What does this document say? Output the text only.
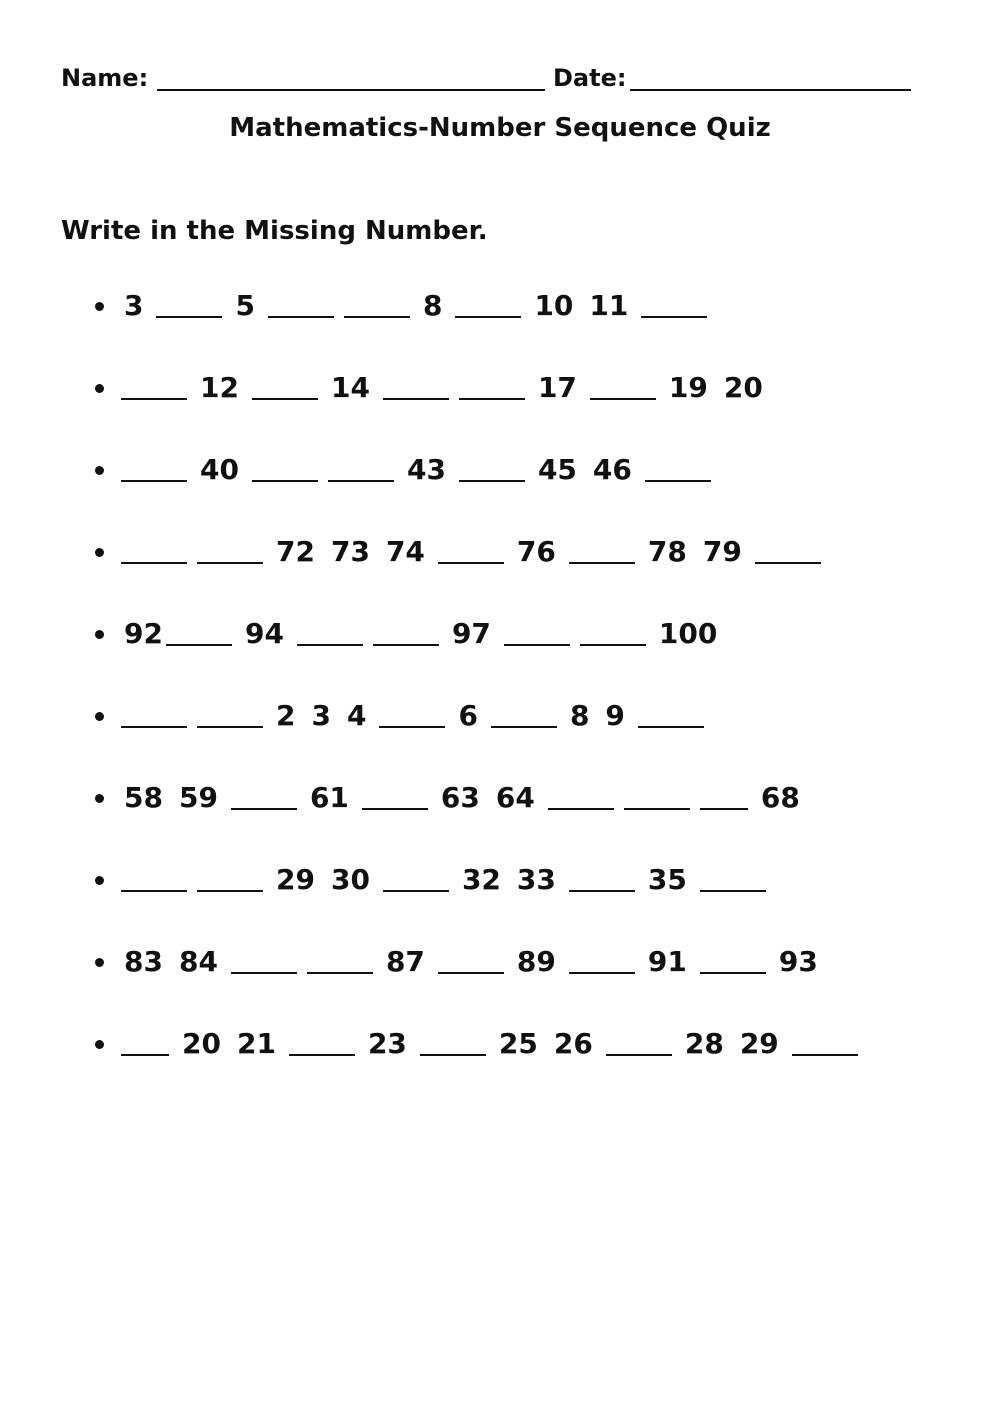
Name:	Date:
Mathematics-Number Sequence Quiz
Write in the Missing Number.
3	5	8	10 11
12	14	17	19 20
40	43	45 46
72 73 74	76	78 79
92	94	97	100
2 3 4	6	8 9
58 59	61	63 64	68
29 30	32 33	35
83 84	87	89	91	93
20 21	23	25 26	28 29
